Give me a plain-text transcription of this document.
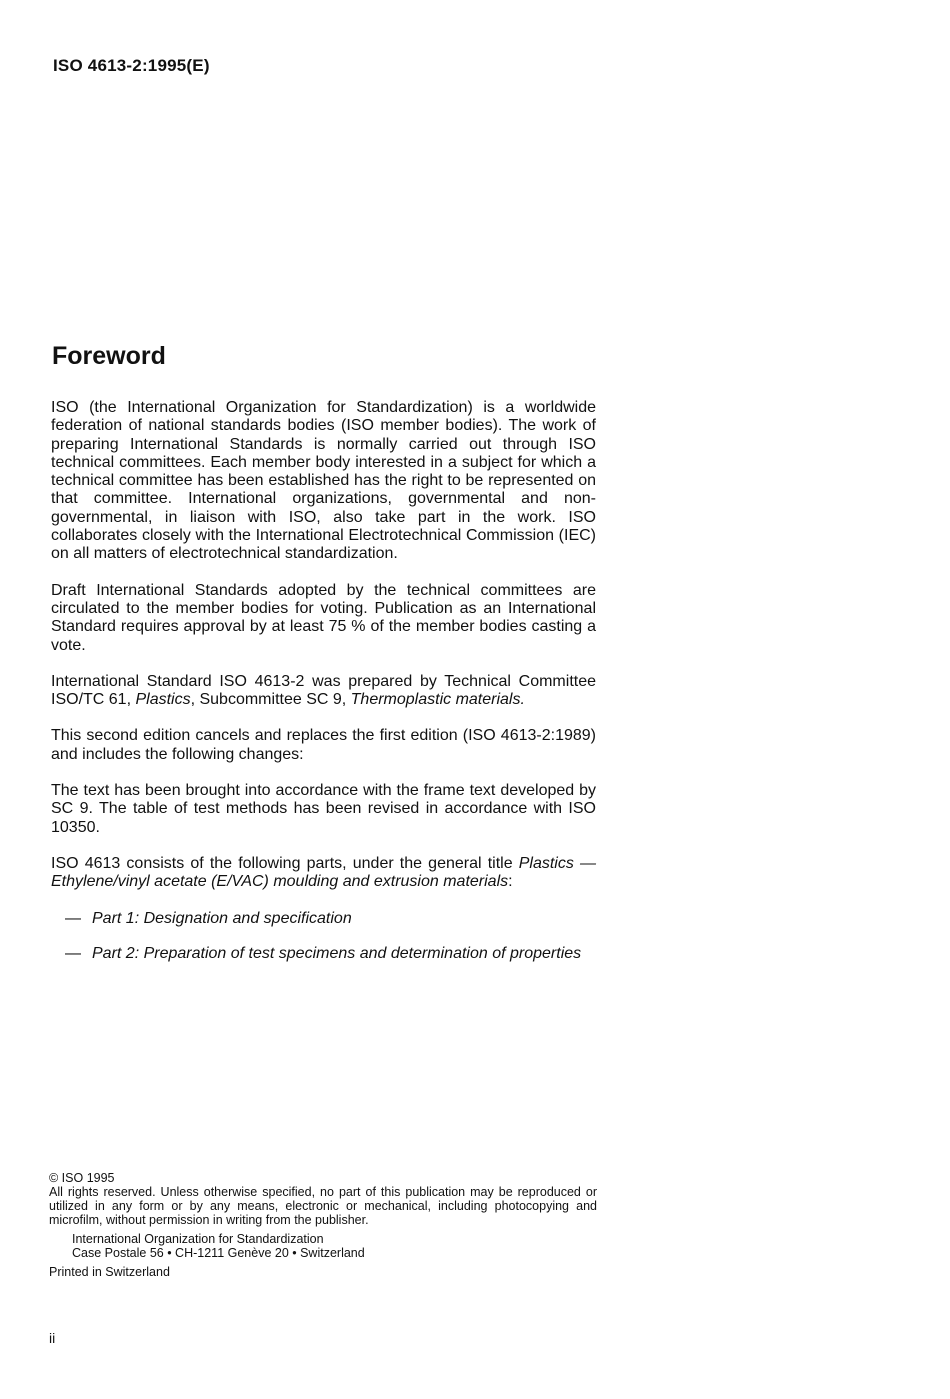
ISO 4613-2:1995(E)
Foreword

ISO (the International Organization for Standardization) is a worldwide federation of national standards bodies (ISO member bodies). The work of preparing International Standards is normally carried out through ISO technical committees. Each member body interested in a subject for which a technical committee has been established has the right to be represented on that committee. International organizations, governmental and non-governmental, in liaison with ISO, also take part in the work. ISO collaborates closely with the International Electrotechnical Commission (IEC) on all matters of electrotechnical standardization.

Draft International Standards adopted by the technical committees are circulated to the member bodies for voting. Publication as an International Standard requires approval by at least 75 % of the member bodies casting a vote.

International Standard ISO 4613-2 was prepared by Technical Committee ISO/TC 61, Plastics, Subcommittee SC 9, Thermoplastic materials.

This second edition cancels and replaces the first edition (ISO 4613-2:1989) and includes the following changes:

The text has been brought into accordance with the frame text developed by SC 9. The table of test methods has been revised in accordance with ISO 10350.

ISO 4613 consists of the following parts, under the general title Plastics — Ethylene/vinyl acetate (E/VAC) moulding and extrusion materials:

— Part 1: Designation and specification
— Part 2: Preparation of test specimens and determination of properties

© ISO 1995

All rights reserved. Unless otherwise specified, no part of this publication may be reproduced or utilized in any form or by any means, electronic or mechanical, including photocopying and microfilm, without permission in writing from the publisher.

International Organization for Standardization

Case Postale 56 • CH-1211 Genève 20 • Switzerland

Printed in Switzerland

ii
